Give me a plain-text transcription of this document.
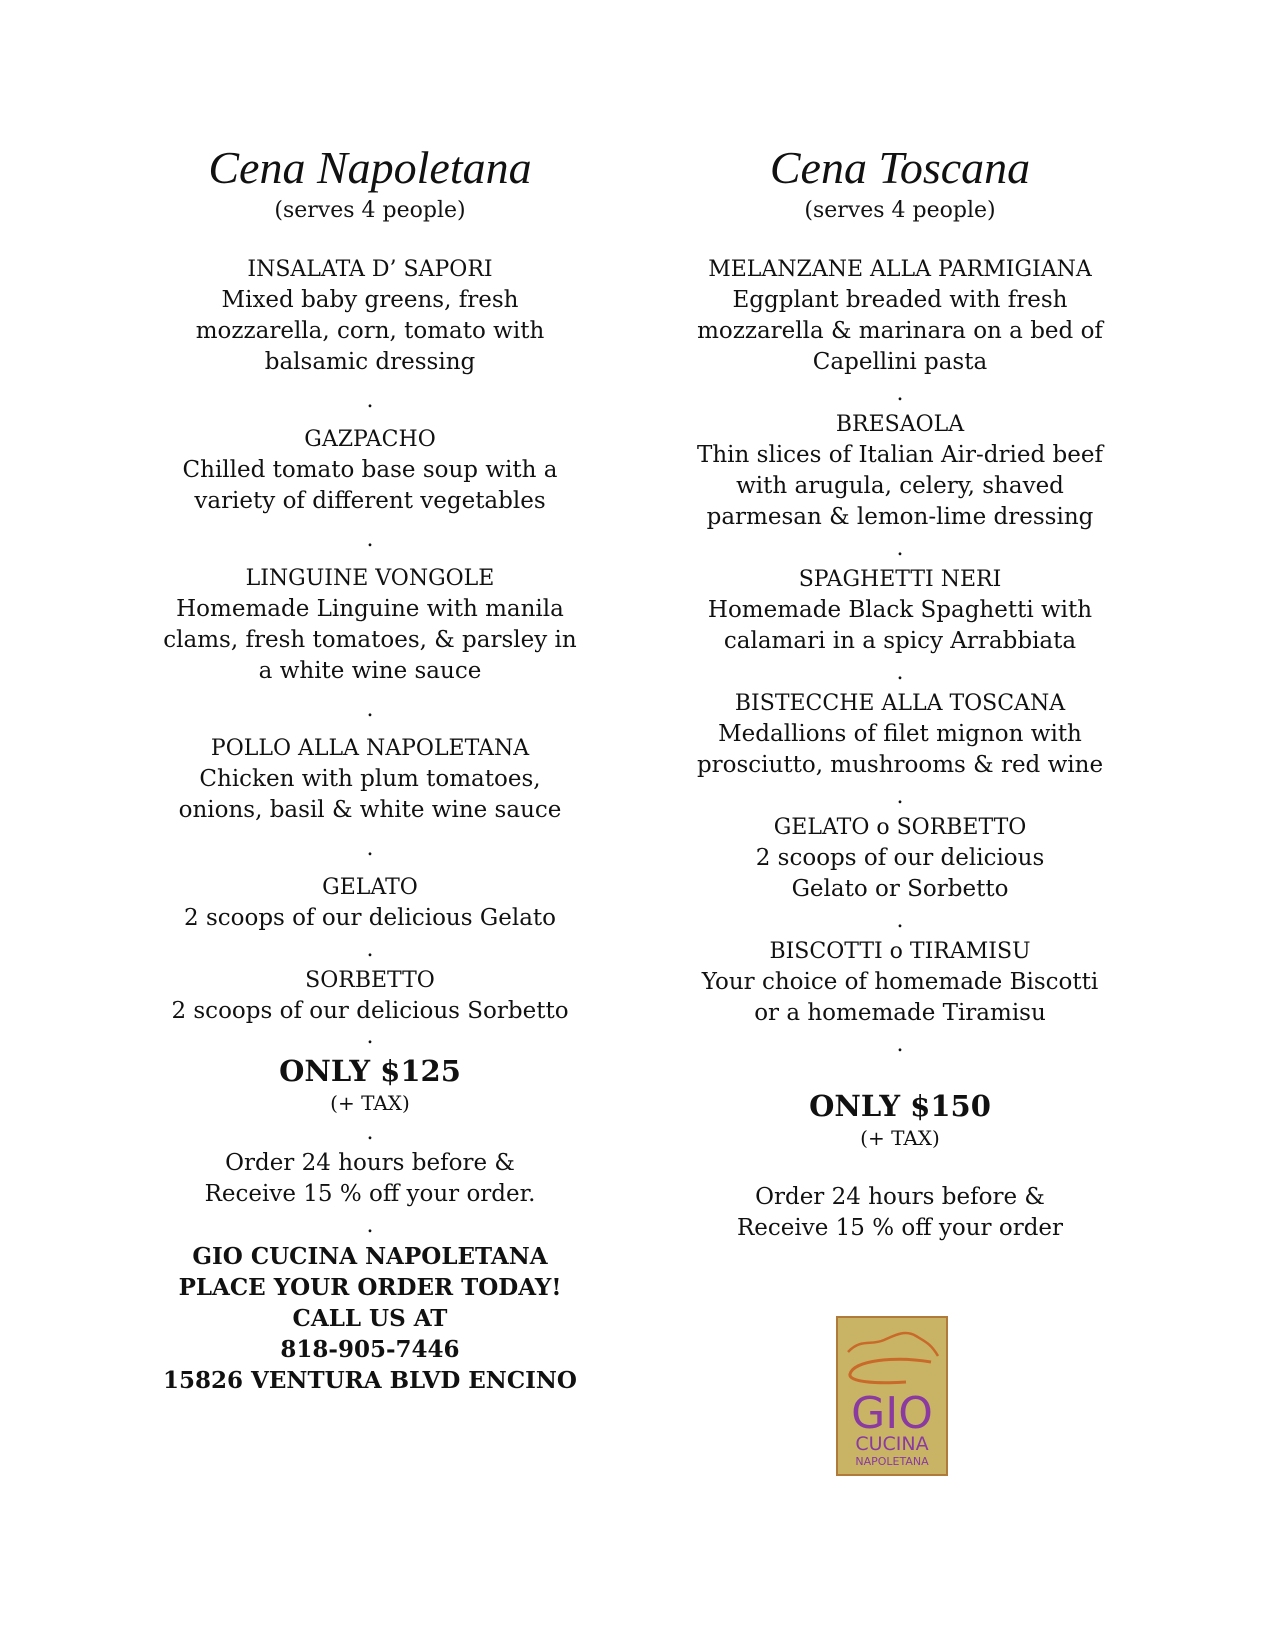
Cena Napoletana

(serves 4 people)

INSALATA D’ SAPORI
Mixed baby greens, fresh
mozzarella, corn, tomato with
balsamic dressing
.
GAZPACHO
Chilled tomato base soup with a
variety of different vegetables
.
LINGUINE VONGOLE
Homemade Linguine with manila
clams, fresh tomatoes, & parsley in
a white wine sauce
.
POLLO ALLA NAPOLETANA
Chicken with plum tomatoes,
onions, basil & white wine sauce
.
GELATO
2 scoops of our delicious Gelato
.
SORBETTO
2 scoops of our delicious Sorbetto
.
ONLY $125
(+ TAX)
.
Order 24 hours before &
Receive 15 % off your order.
.
GIO CUCINA NAPOLETANA
PLACE YOUR ORDER TODAY!
CALL US AT
818-905-7446
15826 VENTURA BLVD ENCINO
Cena Toscana

(serves 4 people)

MELANZANE ALLA PARMIGIANA
Eggplant breaded with fresh
mozzarella & marinara on a bed of
Capellini pasta
.
BRESAOLA
Thin slices of Italian Air-dried beef
with arugula, celery, shaved
parmesan & lemon-lime dressing
.
SPAGHETTI NERI
Homemade Black Spaghetti with
calamari in a spicy Arrabbiata
.
BISTECCHE ALLA TOSCANA
Medallions of filet mignon with
prosciutto, mushrooms & red wine
.
GELATO o SORBETTO
2 scoops of our delicious
Gelato or Sorbetto
.
BISCOTTI o TIRAMISU
Your choice of homemade Biscotti
or a homemade Tiramisu
.
ONLY $150
(+ TAX)
Order 24 hours before &
Receive 15 % off your order
GIO
CUCINA
NAPOLETANA
